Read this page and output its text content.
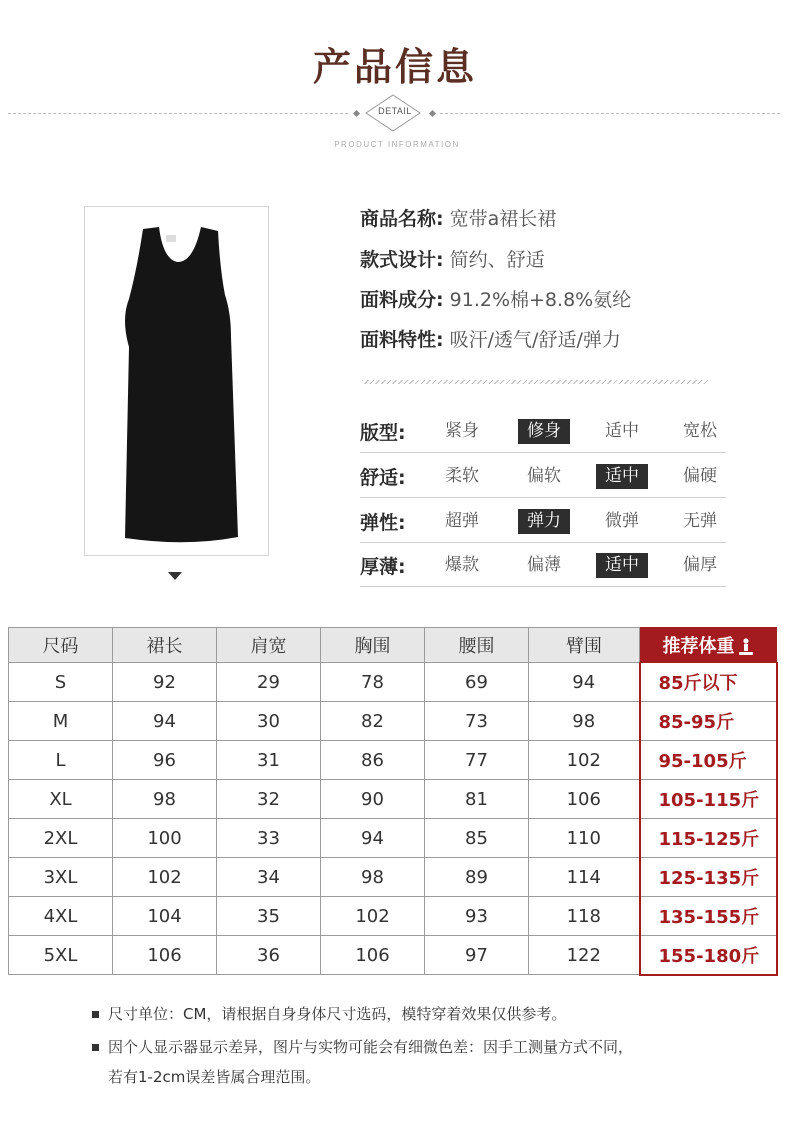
产品信息
DETAIL
PRODUCT INFORMATION
商品名称: 宽带a裙长裙
款式设计: 简约、舒适
面料成分: 91.2%棉+8.8%氨纶
面料特性: 吸汗/透气/舒适/弹力
版型:	紧身	修身	适中	宽松
舒适:	柔软	偏软	适中	偏硬
弹性:	超弹	弹力	微弹	无弹
厚薄:	爆款	偏薄	适中	偏厚
尺码	裙长	肩宽	胸围	腰围	臂围	推荐体重
S	92	29	78	69	94	85斤以下
M	94	30	82	73	98	85-95斤
L	96	31	86	77	102	95-105斤
XL	98	32	90	81	106	105-115斤
2XL	100	33	94	85	110	115-125斤
3XL	102	34	98	89	114	125-135斤
4XL	104	35	102	93	118	135-155斤
5XL	106	36	106	97	122	155-180斤
尺寸单位：CM，请根据自身身体尺寸选码，模特穿着效果仅供参考。
因个人显示器显示差异，图片与实物可能会有细微色差：因手工测量方式不同，
若有1-2cm误差皆属合理范围。
